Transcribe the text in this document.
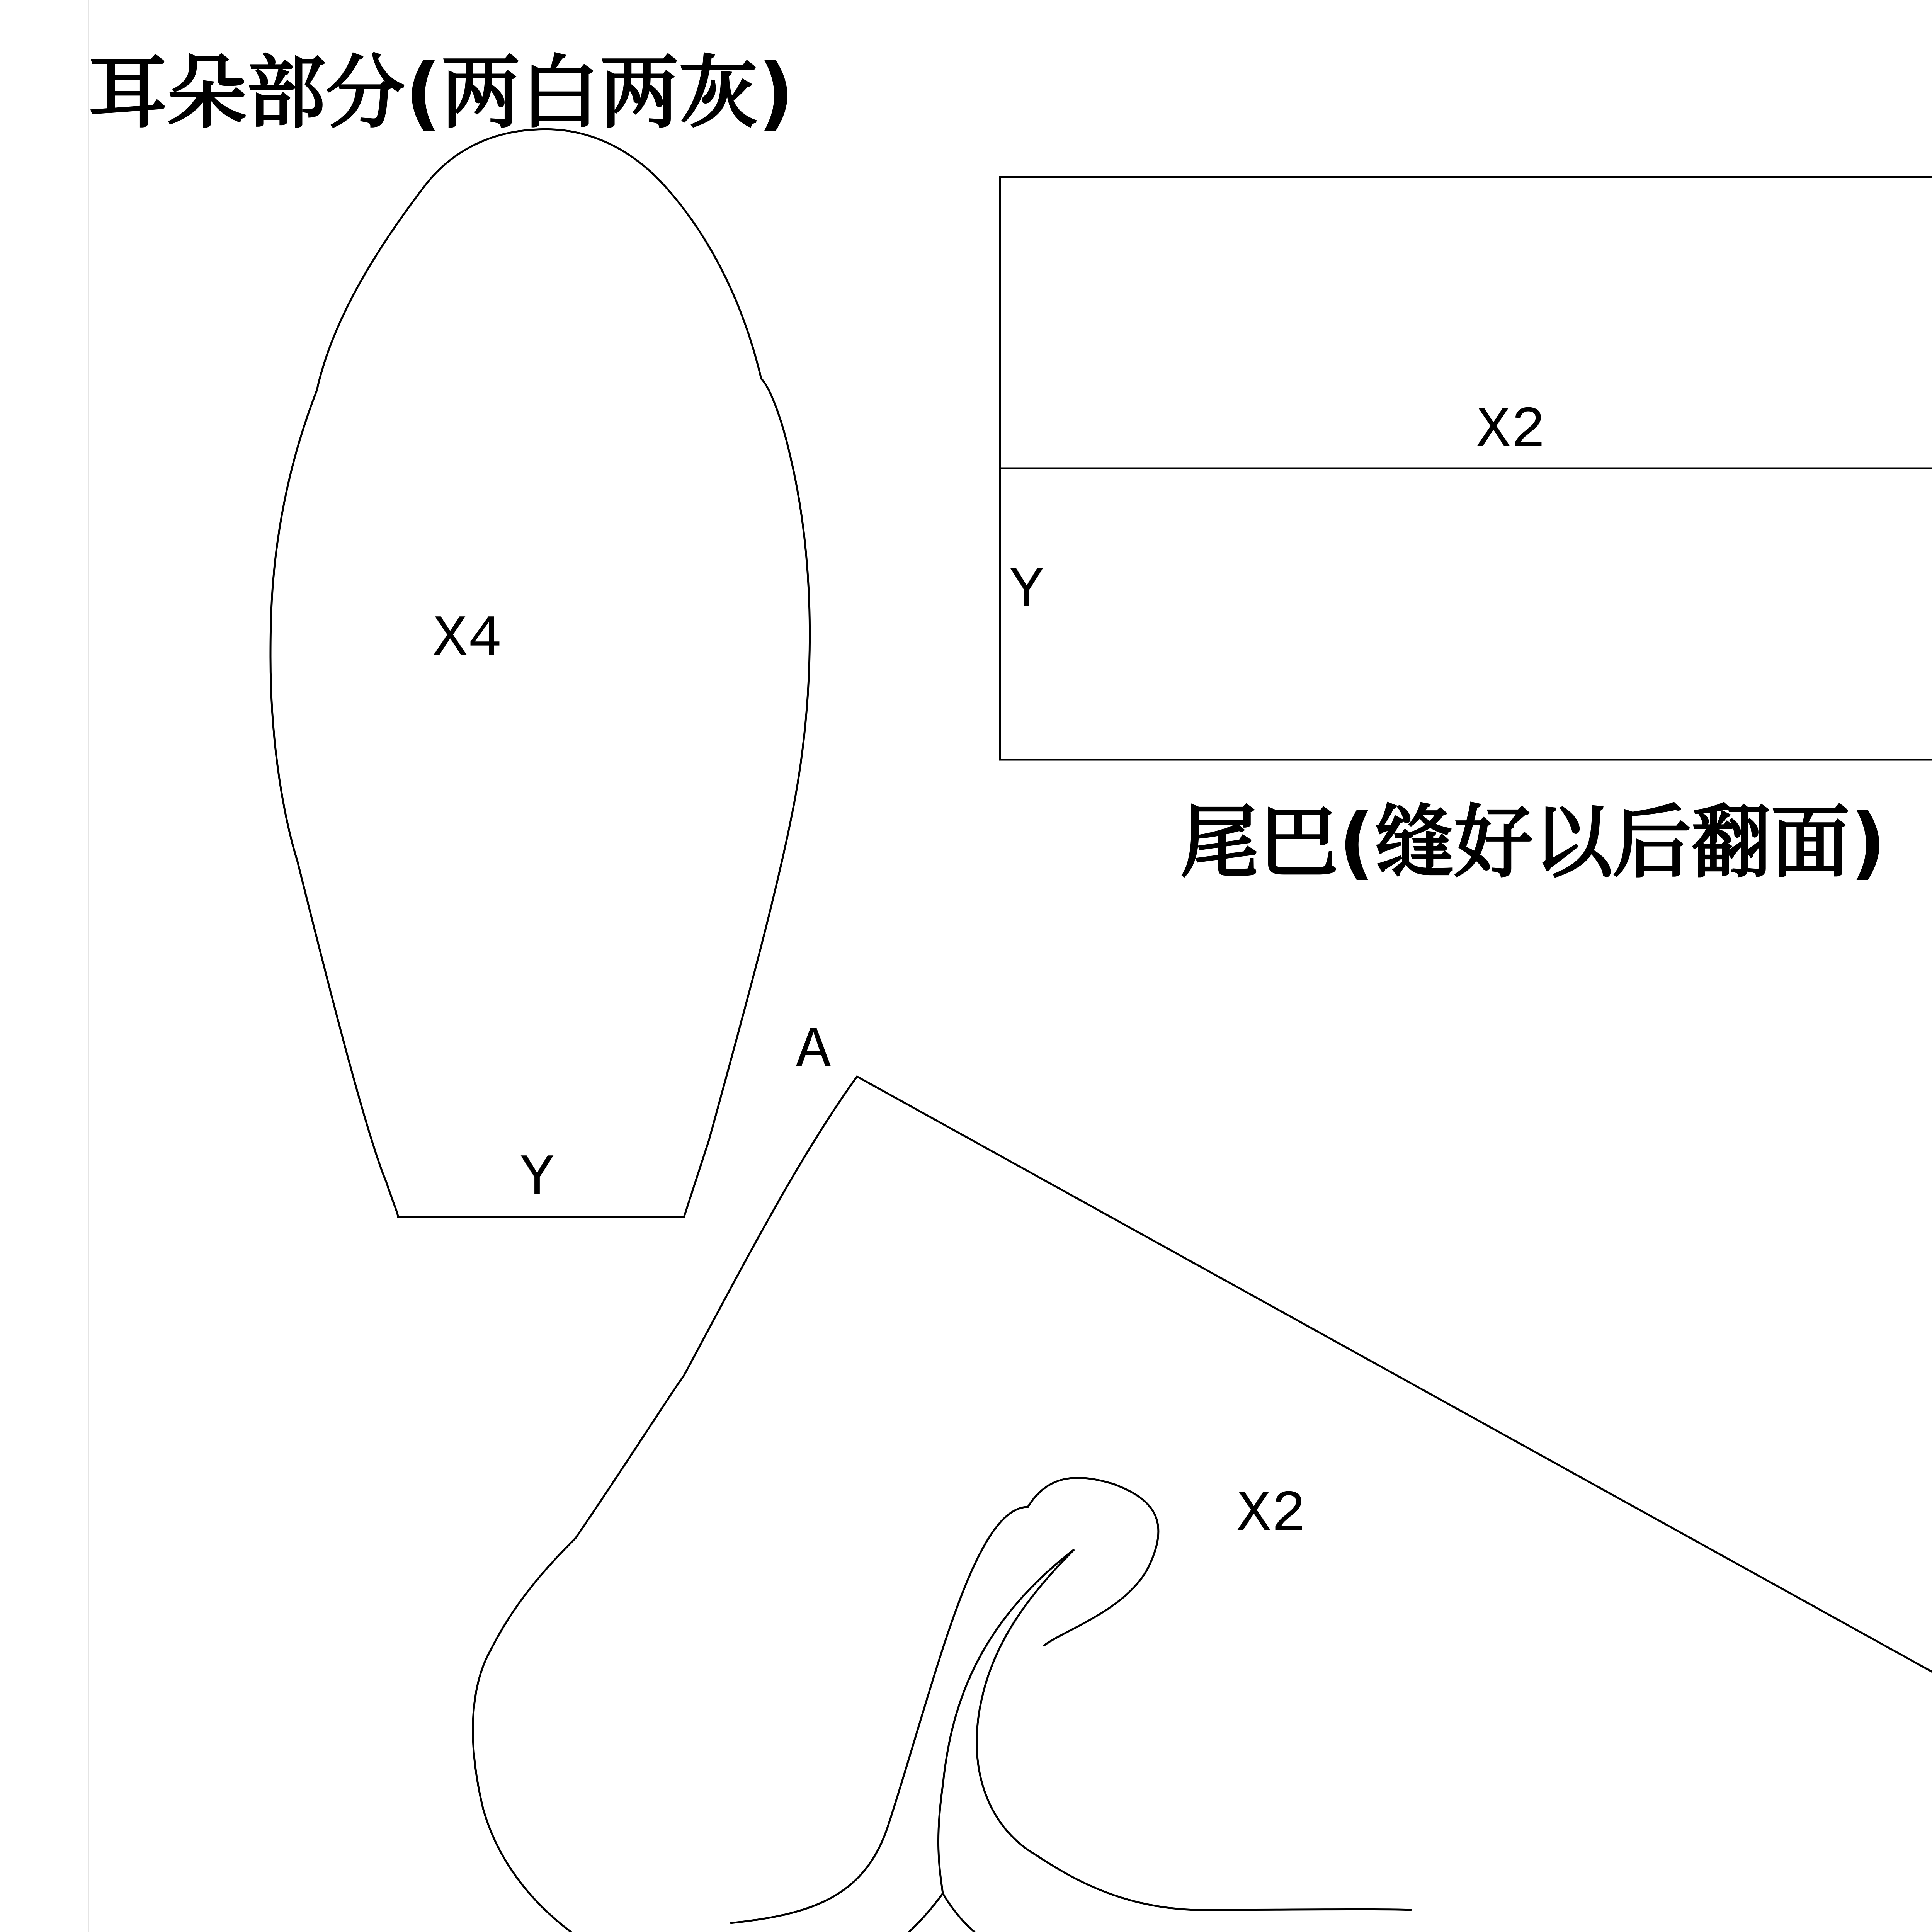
耳朵部分(两白两灰)
尾巴(缝好以后翻面)
X4
Y
X2
Y
X2
A
